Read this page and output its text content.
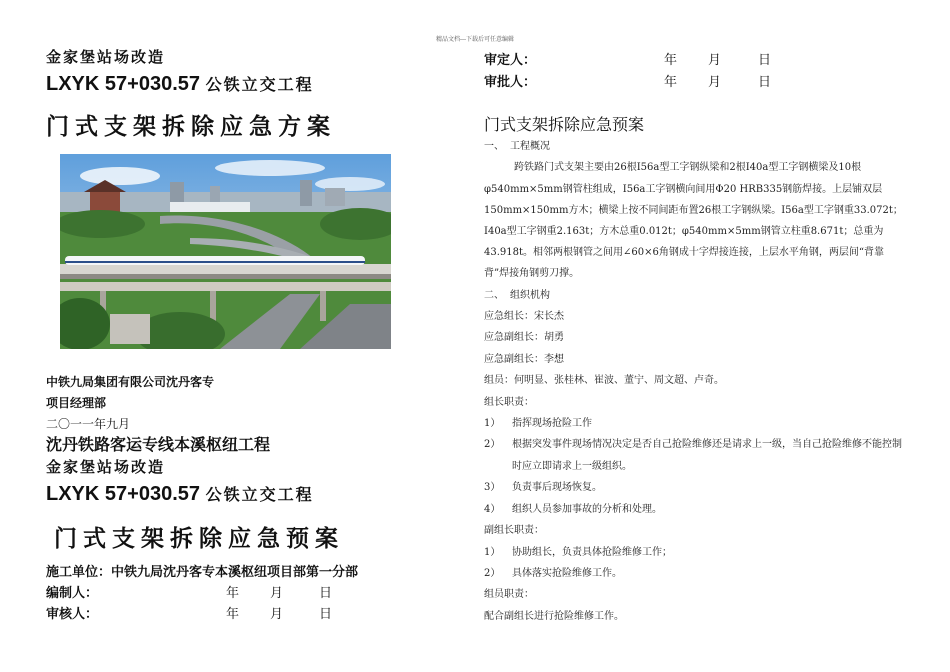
精品文档---下载后可任意编辑
金家堡站场改造
LXYK 57+030.57 公铁立交工程
门式支架拆除应急方案
中铁九局集团有限公司沈丹客专
项目经理部
二〇一一年九月
沈丹铁路客运专线本溪枢纽工程
金家堡站场改造
LXYK 57+030.57 公铁立交工程
门式支架拆除应急预案
施工单位：中铁九局沈丹客专本溪枢纽项目部第一分部
编制人：	年 月	日
审核人：	年 月	日
审定人：	年 月	日
审批人：	年 月	日
门式支架拆除应急预案
一、 工程概况
跨铁路门式支架主要由26根I56a型工字钢纵梁和2根I40a型工字钢横梁及10根φ540mm×5mm钢管柱组成，I56a工字钢横向间用Φ20 HRB335钢筋焊接。上层铺双层150mm×150mm方木；横梁上按不同间距布置26根工字钢纵梁。I56a型工字钢重33.072t；I40a型工字钢重2.163t；方木总重0.012t；φ540mm×5mm钢管立柱重8.671t；总重为43.918t。相邻两根钢管之间用∠60×6角钢成十字焊接连接，上层水平角钢，两层间“背靠背”焊接角钢剪刀撑。
二、 组织机构
应急组长：宋长杰
应急副组长：胡勇
应急副组长：李想
组员：何明显、张桂林、崔波、董宁、周文超、卢奇。
组长职责：
1） 指挥现场抢险工作
2） 根据突发事件现场情况决定是否自己抢险维修还是请求上一级，当自己抢险维修不能控制时应立即请求上一级组织。
3） 负责事后现场恢复。
4） 组织人员参加事故的分析和处理。
副组长职责：
1） 协助组长，负责具体抢险维修工作；
2） 具体落实抢险维修工作。
组员职责：
配合副组长进行抢险维修工作。
